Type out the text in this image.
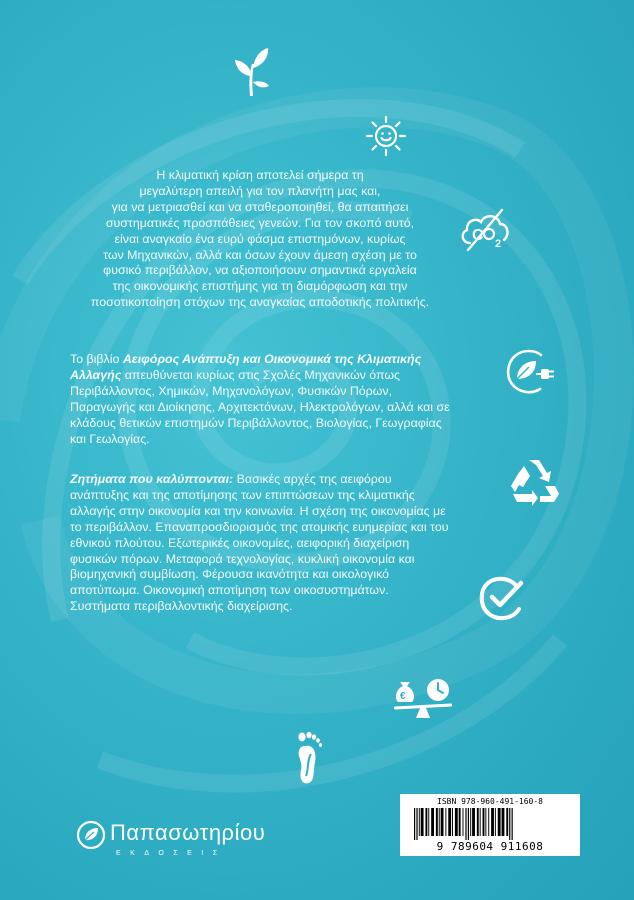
Η κλιματική κρίση αποτελεί σήμερα τη

μεγαλύτερη απειλή για τον πλανήτη μας και,

για να μετριασθεί και να σταθεροποιηθεί, θα απαιτήσει

συστηματικές προσπάθειες γενεών. Για τον σκοπό αυτό,

είναι αναγκαίο ένα ευρύ φάσμα επιστημόνων, κυρίως

των Μηχανικών, αλλά και όσων έχουν άμεση σχέση με το

φυσικό περιβάλλον, να αξιοποιήσουν σημαντικά εργαλεία

της οικονομικής επιστήμης για τη διαμόρφωση και την

ποσοτικοποίηση στόχων της αναγκαίας αποδοτικής πολιτικής.

Το βιβλίο Αειφόρος Ανάπτυξη και Οικονομικά της Κλιματικής Αλλαγής απευθύνεται κυρίως στις Σχολές Μηχανικών όπως Περιβάλλοντος, Χημικών, Μηχανολόγων, Φυσικών Πόρων, Παραγωγής και Διοίκησης, Αρχιτεκτόνων, Ηλεκτρολόγων, αλλά και σε κλάδους θετικών επιστημών Περιβάλλοντος, Βιολογίας, Γεωγραφίας και Γεωλογίας.

Ζητήματα που καλύπτονται: Βασικές αρχές της αειφόρου ανάπτυξης και της αποτίμησης των επιπτώσεων της κλιματικής αλλαγής στην οικονομία και την κοινωνία. Η σχέση της οικονομίας με το περιβάλλον. Επαναπροσδιορισμός της ατομικής ευημερίας και του εθνικού πλούτου. Εξωτερικές οικονομίες, αειφορική διαχείριση φυσικών πόρων. Μεταφορά τεχνολογίας, κυκλική οικονομία και βιομηχανική συμβίωση. Φέρουσα ικανότητα και οικολογικό αποτύπωμα. Οικονομική αποτίμηση των οικοσυστημάτων. Συστήματα περιβαλλοντικής διαχείρισης.

C 2
€
Παπασωτηρίου
ΕΚΔΟΣΕΙΣ
ISBN 978-960-491-160-8
9 789604 911608
